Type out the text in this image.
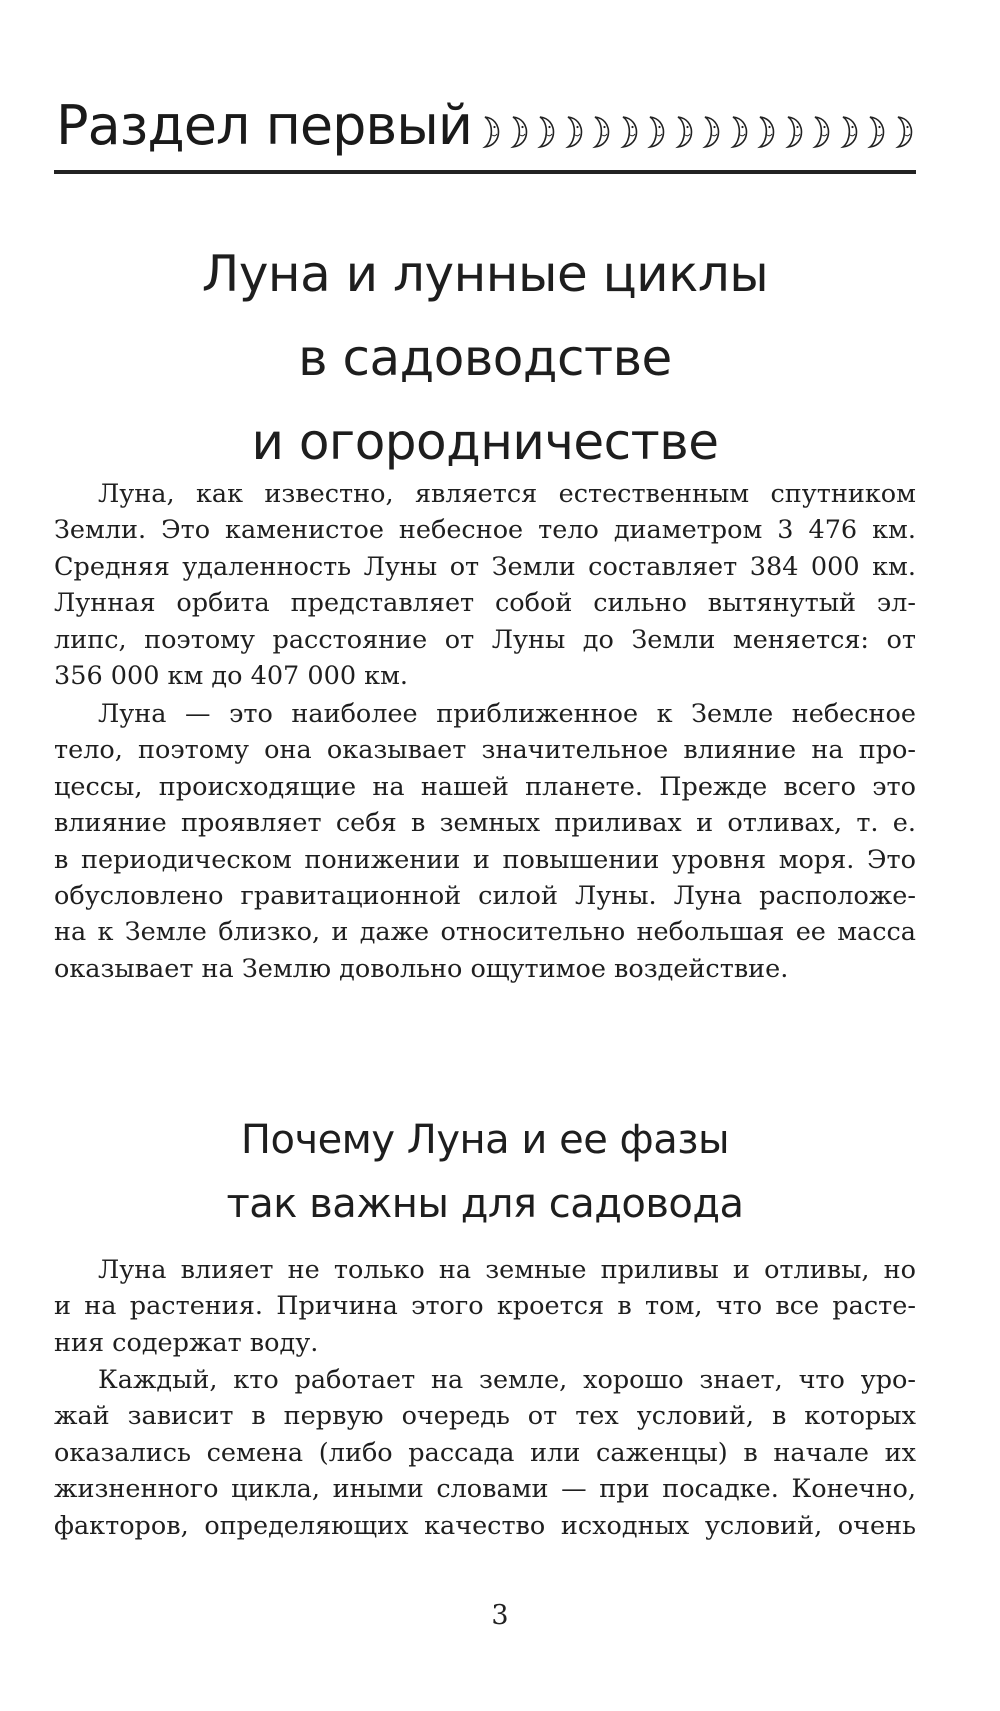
Раздел первый
Луна и лунные циклы
в садоводстве
и огородничестве
Луна, как известно, является естественным спутником
Земли. Это каменистое небесное тело диаметром 3 476 км.
Средняя удаленность Луны от Земли составляет 384 000 км.
Лунная орбита представляет собой сильно вытянутый эл-
липс, поэтому расстояние от Луны до Земли меняется: от
356 000 км до 407 000 км.
Луна — это наиболее приближенное к Земле небесное
тело, поэтому она оказывает значительное влияние на про-
цессы, происходящие на нашей планете. Прежде всего это
влияние проявляет себя в земных приливах и отливах, т. е.
в периодическом понижении и повышении уровня моря. Это
обусловлено гравитационной силой Луны. Луна расположе-
на к Земле близко, и даже относительно небольшая ее масса
оказывает на Землю довольно ощутимое воздействие.
Почему Луна и ее фазы
так важны для садовода
Луна влияет не только на земные приливы и отливы, но
и на растения. Причина этого кроется в том, что все расте-
ния содержат воду.
Каждый, кто работает на земле, хорошо знает, что уро-
жай зависит в первую очередь от тех условий, в которых
оказались семена (либо рассада или саженцы) в начале их
жизненного цикла, иными словами — при посадке. Конечно,
факторов, определяющих качество исходных условий, очень
3
